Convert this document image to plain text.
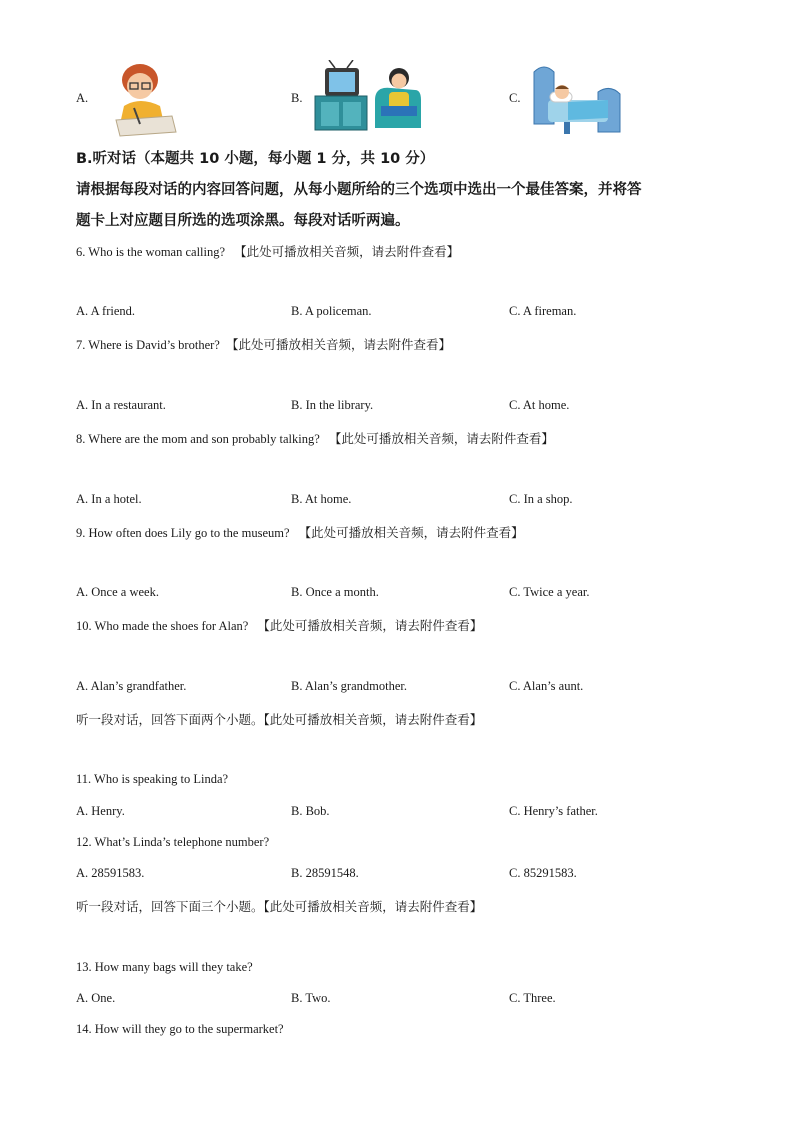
A.	B.	C.
B.听对话（本题共 10 小题，每小题 1 分，共 10 分）
请根据每段对话的内容回答问题，从每小题所给的三个选项中选出一个最佳答案，并将答
题卡上对应题目所选的选项涂黑。每段对话听两遍。
6. Who is the woman calling? 【此处可播放相关音频，请去附件查看】
A. A friend.	B. A policeman.	C. A fireman.
7. Where is David’s brother? 【此处可播放相关音频，请去附件查看】
A. In a restaurant.	B. In the library.	C. At home.
8. Where are the mom and son probably talking? 【此处可播放相关音频，请去附件查看】
A. In a hotel.	B. At home.	C. In a shop.
9. How often does Lily go to the museum? 【此处可播放相关音频，请去附件查看】
A. Once a week.	B. Once a month.	C. Twice a year.
10. Who made the shoes for Alan? 【此处可播放相关音频，请去附件查看】
A. Alan’s grandfather.	B. Alan’s grandmother.	C. Alan’s aunt.
听一段对话，回答下面两个小题。【此处可播放相关音频，请去附件查看】
11. Who is speaking to Linda?
A. Henry.	B. Bob.	C. Henry’s father.
12. What’s Linda’s telephone number?
A. 28591583.	B. 28591548.	C. 85291583.
听一段对话，回答下面三个小题。【此处可播放相关音频，请去附件查看】
13. How many bags will they take?
A. One.	B. Two.	C. Three.
14. How will they go to the supermarket?
